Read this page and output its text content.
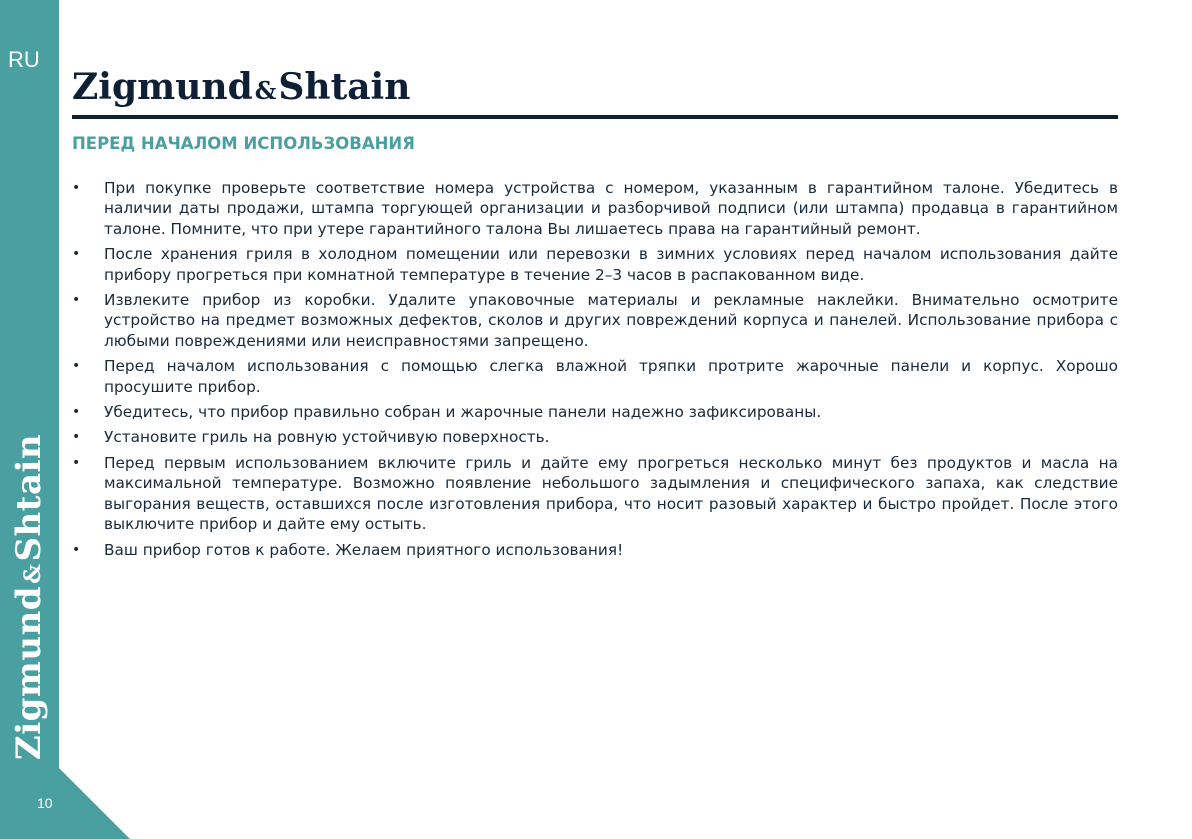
RU
Zigmund&Shtain
10
Zigmund&Shtain
ПЕРЕД НАЧАЛОМ ИСПОЛЬЗОВАНИЯ
• При покупке проверьте соответствие номера устройства с номером, указанным в гарантийном талоне. Убедитесь в наличии даты продажи, штампа торгующей организации и разборчивой подписи (или штампа) продавца в гарантийном талоне. Помните, что при утере гарантийного талона Вы лишаетесь права на гарантийный ремонт.
• После хранения гриля в холодном помещении или перевозки в зимних условиях перед началом использования дайте прибору прогреться при комнатной температуре в течение 2–3 часов в распакованном виде.
• Извлеките прибор из коробки. Удалите упаковочные материалы и рекламные наклейки. Внимательно осмотрите устройство на предмет возможных дефектов, сколов и других повреждений корпуса и панелей. Использование прибора с любыми повреждениями или неисправностями запрещено.
• Перед началом использования с помощью слегка влажной тряпки протрите жарочные панели и корпус. Хорошо просушите прибор.
• Убедитесь, что прибор правильно собран и жарочные панели надежно зафиксированы.
• Установите гриль на ровную устойчивую поверхность.
• Перед первым использованием включите гриль и дайте ему прогреться несколько минут без продуктов и масла на максимальной температуре. Возможно появление небольшого задымления и специфического запаха, как следствие выгорания веществ, оставшихся после изготовления прибора, что носит разовый характер и быстро пройдет. После этого выключите прибор и дайте ему остыть.
• Ваш прибор готов к работе. Желаем приятного использования!
